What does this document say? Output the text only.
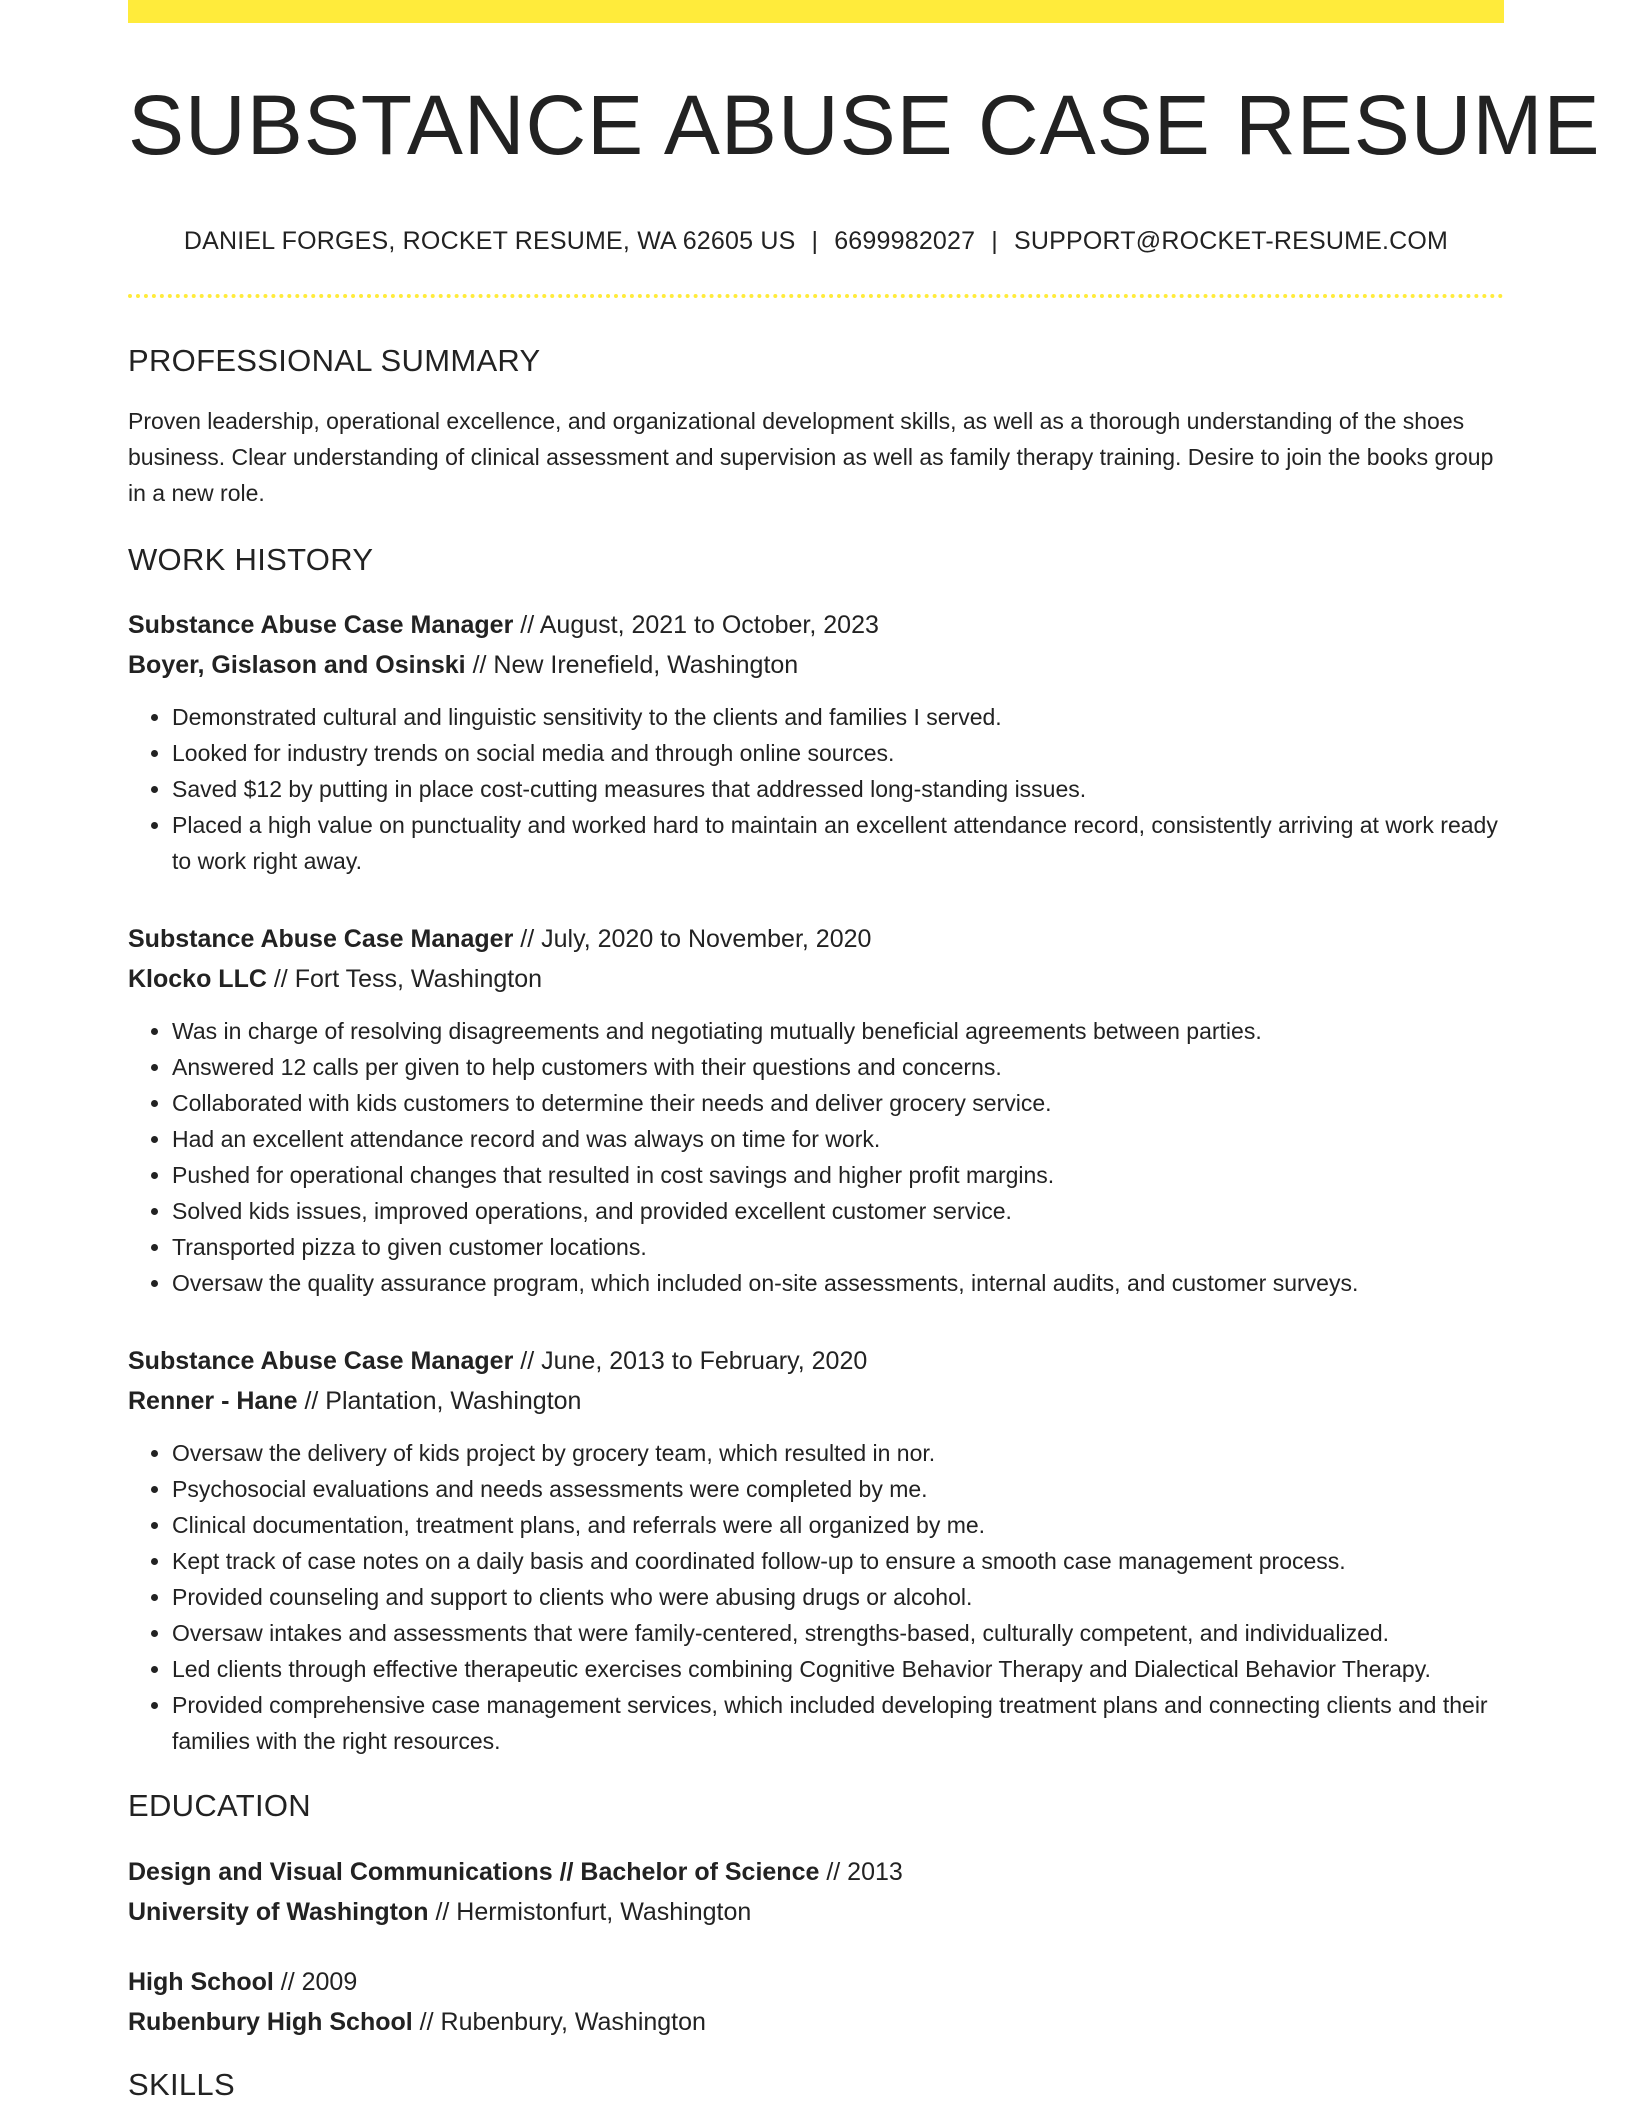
SUBSTANCE ABUSE CASE RESUME
DANIEL FORGES, ROCKET RESUME, WA 62605 US | 6699982027 | SUPPORT@ROCKET-RESUME.COM
PROFESSIONAL SUMMARY
Proven leadership, operational excellence, and organizational development skills, as well as a thorough understanding of the shoes business. Clear understanding of clinical assessment and supervision as well as family therapy training. Desire to join the books group in a new role.
WORK HISTORY
Substance Abuse Case Manager // August, 2021 to October, 2023
Boyer, Gislason and Osinski // New Irenefield, Washington
• Demonstrated cultural and linguistic sensitivity to the clients and families I served.
• Looked for industry trends on social media and through online sources.
• Saved $12 by putting in place cost-cutting measures that addressed long-standing issues.
• Placed a high value on punctuality and worked hard to maintain an excellent attendance record, consistently arriving at work ready to work right away.
Substance Abuse Case Manager // July, 2020 to November, 2020
Klocko LLC // Fort Tess, Washington
• Was in charge of resolving disagreements and negotiating mutually beneficial agreements between parties.
• Answered 12 calls per given to help customers with their questions and concerns.
• Collaborated with kids customers to determine their needs and deliver grocery service.
• Had an excellent attendance record and was always on time for work.
• Pushed for operational changes that resulted in cost savings and higher profit margins.
• Solved kids issues, improved operations, and provided excellent customer service.
• Transported pizza to given customer locations.
• Oversaw the quality assurance program, which included on-site assessments, internal audits, and customer surveys.
Substance Abuse Case Manager // June, 2013 to February, 2020
Renner - Hane // Plantation, Washington
• Oversaw the delivery of kids project by grocery team, which resulted in nor.
• Psychosocial evaluations and needs assessments were completed by me.
• Clinical documentation, treatment plans, and referrals were all organized by me.
• Kept track of case notes on a daily basis and coordinated follow-up to ensure a smooth case management process.
• Provided counseling and support to clients who were abusing drugs or alcohol.
• Oversaw intakes and assessments that were family-centered, strengths-based, culturally competent, and individualized.
• Led clients through effective therapeutic exercises combining Cognitive Behavior Therapy and Dialectical Behavior Therapy.
• Provided comprehensive case management services, which included developing treatment plans and connecting clients and their families with the right resources.
EDUCATION
Design and Visual Communications // Bachelor of Science // 2013
University of Washington // Hermistonfurt, Washington
High School // 2009
Rubenbury High School // Rubenbury, Washington
SKILLS
